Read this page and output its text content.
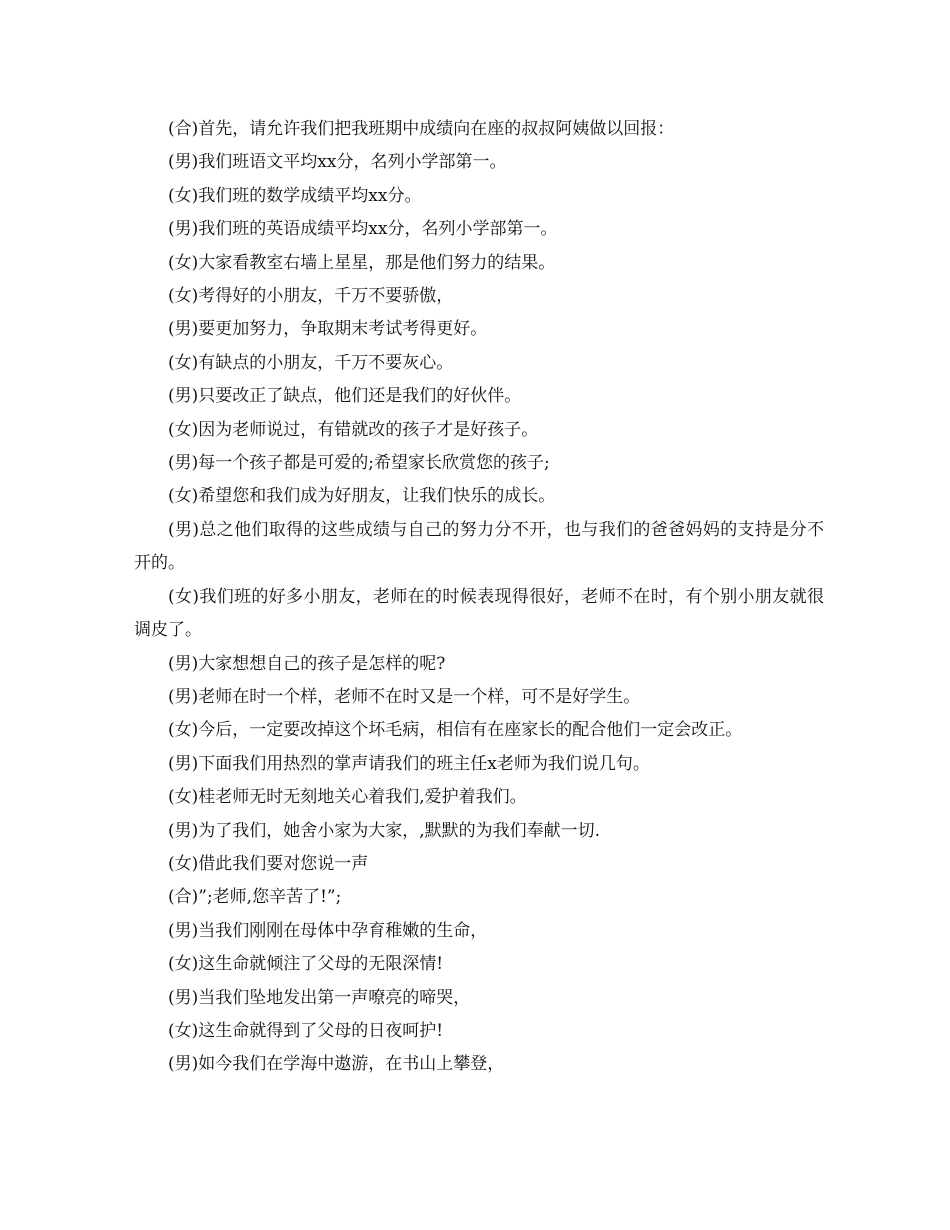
(合)首先，请允许我们把我班期中成绩向在座的叔叔阿姨做以回报：

(男)我们班语文平均xx分，名列小学部第一。

(女)我们班的数学成绩平均xx分。

(男)我们班的英语成绩平均xx分，名列小学部第一。

(女)大家看教室右墙上星星，那是他们努力的结果。

(女)考得好的小朋友，千万不要骄傲，

(男)要更加努力，争取期末考试考得更好。

(女)有缺点的小朋友，千万不要灰心。

(男)只要改正了缺点，他们还是我们的好伙伴。

(女)因为老师说过，有错就改的孩子才是好孩子。

(男)每一个孩子都是可爱的;希望家长欣赏您的孩子;

(女)希望您和我们成为好朋友，让我们快乐的成长。

(男)总之他们取得的这些成绩与自己的努力分不开，也与我们的爸爸妈妈的支持是分不开的。

(女)我们班的好多小朋友，老师在的时候表现得很好，老师不在时，有个别小朋友就很调皮了。

(男)大家想想自己的孩子是怎样的呢?

(男)老师在时一个样，老师不在时又是一个样，可不是好学生。

(女)今后，一定要改掉这个坏毛病，相信有在座家长的配合他们一定会改正。

(男)下面我们用热烈的掌声请我们的班主任x老师为我们说几句。

(女)桂老师无时无刻地关心着我们,爱护着我们。

(男)为了我们，她舍小家为大家，,默默的为我们奉献一切.

(女)借此我们要对您说一声

(合)”;老师,您辛苦了!”;

(男)当我们刚刚在母体中孕育稚嫩的生命，

(女)这生命就倾注了父母的无限深情!

(男)当我们坠地发出第一声嘹亮的啼哭，

(女)这生命就得到了父母的日夜呵护!

(男)如今我们在学海中遨游，在书山上攀登，
